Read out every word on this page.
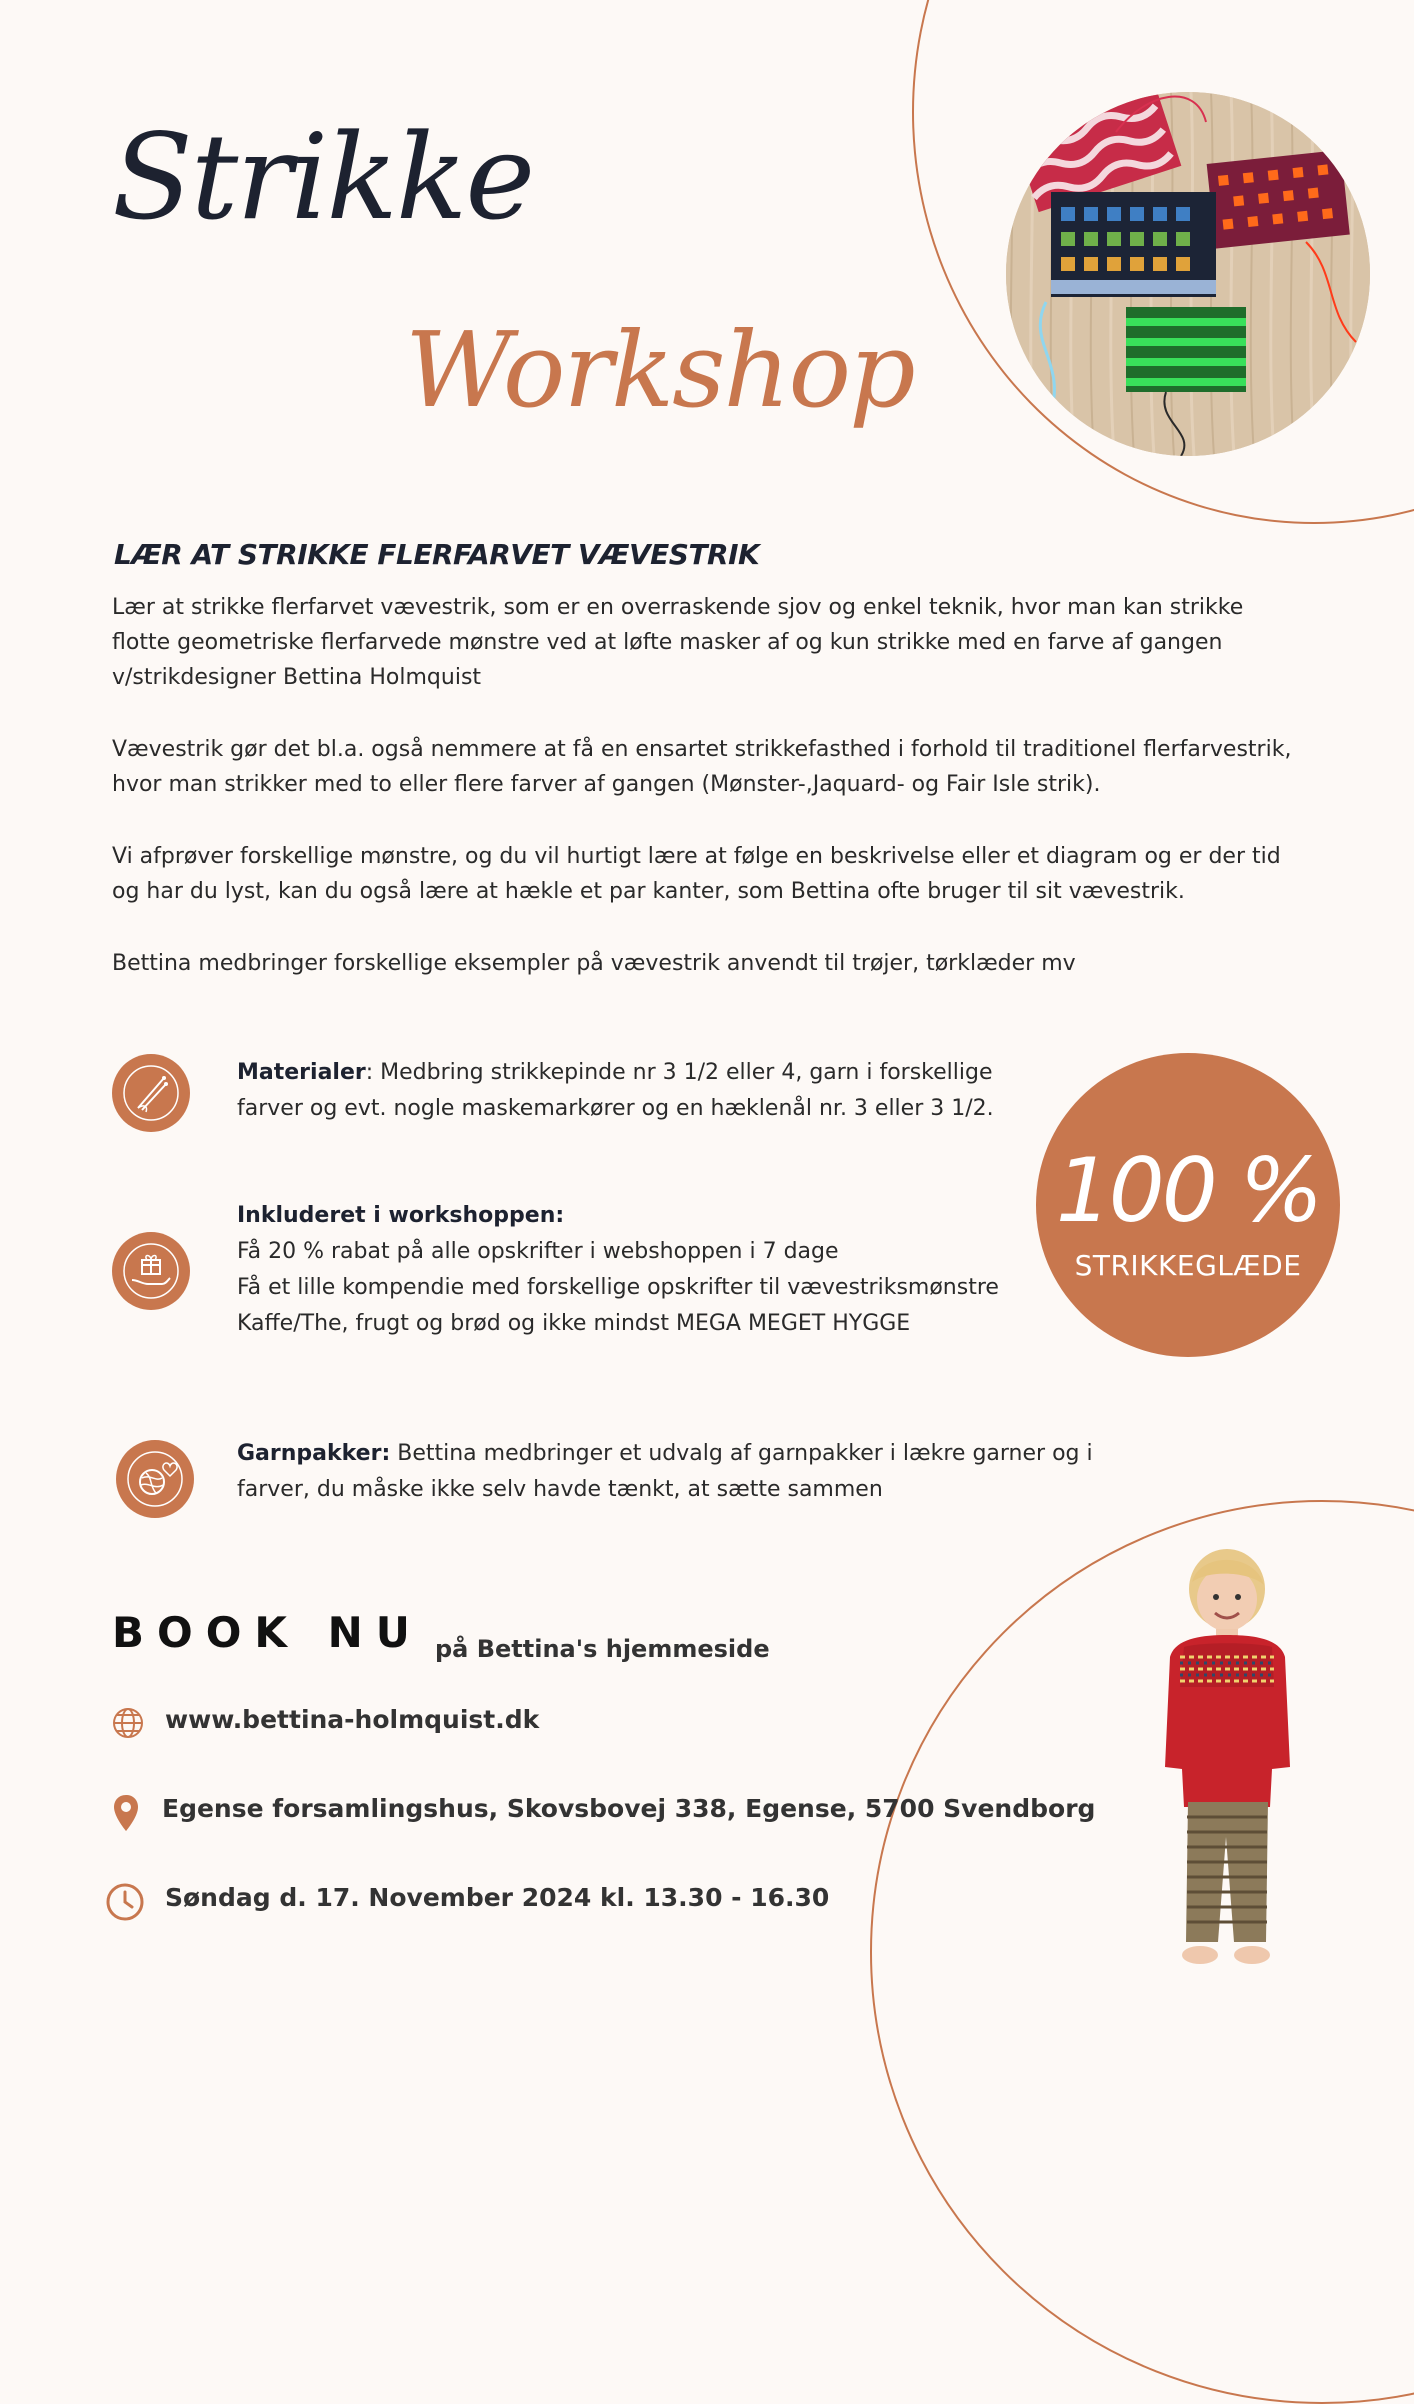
Strikke
Workshop
LÆR AT STRIKKE FLERFARVET VÆVESTRIK
Lær at strikke flerfarvet vævestrik, som er en overraskende sjov og enkel teknik, hvor man kan strikke flotte geometriske flerfarvede mønstre ved at løfte masker af og kun strikke med en farve af gangen v/strikdesigner Bettina Holmquist
Vævestrik gør det bl.a. også nemmere at få en ensartet strikkefasthed i forhold til traditionel flerfarvestrik, hvor man strikker med to eller flere farver af gangen (Mønster-,Jaquard- og Fair Isle strik).
Vi afprøver forskellige mønstre, og du vil hurtigt lære at følge en beskrivelse eller et diagram og er der tid og har du lyst, kan du også lære at hækle et par kanter, som Bettina ofte bruger til sit vævestrik.
Bettina medbringer forskellige eksempler på vævestrik anvendt til trøjer, tørklæder mv
Materialer: Medbring strikkepinde nr 3 1/2 eller 4, garn i forskellige farver og evt. nogle maskemarkører og en hæklenål nr. 3 eller 3 1/2.
Inkluderet i workshoppen:
Få 20 % rabat på alle opskrifter i webshoppen i 7 dage
Få et lille kompendie med forskellige opskrifter til vævestriksmønstre
Kaffe/The, frugt og brød og ikke mindst MEGA MEGET HYGGE
100 %
STRIKKEGLÆDE
Garnpakker: Bettina medbringer et udvalg af garnpakker i lækre garner og i farver, du måske ikke selv havde tænkt, at sætte sammen
BOOK NU på Bettina's hjemmeside
www.bettina-holmquist.dk
Egense forsamlingshus, Skovsbovej 338, Egense, 5700 Svendborg
Søndag d. 17. November 2024 kl. 13.30 - 16.30
